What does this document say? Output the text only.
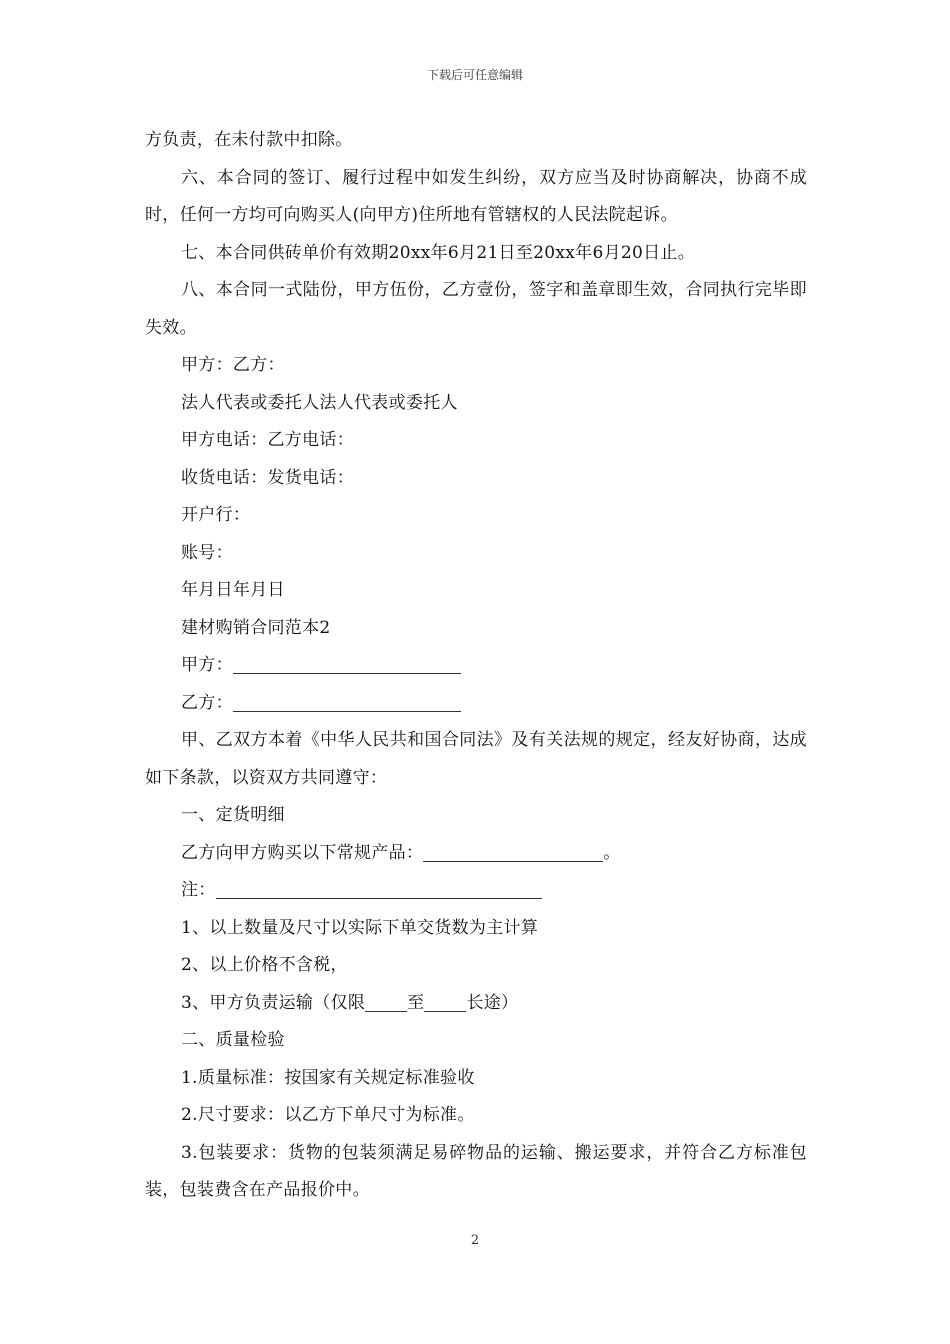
下载后可任意编辑

方负责，在未付款中扣除。

六、本合同的签订、履行过程中如发生纠纷，双方应当及时协商解决，协商不成时，任何一方均可向购买人(向甲方)住所地有管辖权的人民法院起诉。

七、本合同供砖单价有效期20xx年6月21日至20xx年6月20日止。

八、本合同一式陆份，甲方伍份，乙方壹份，签字和盖章即生效，合同执行完毕即失效。

甲方：乙方：

法人代表或委托人法人代表或委托人

甲方电话：乙方电话：

收货电话：发货电话：

开户行：

账号：

年月日年月日

建材购销合同范本2

甲方：

乙方：

甲、乙双方本着《中华人民共和国合同法》及有关法规的规定，经友好协商，达成如下条款，以资双方共同遵守：

一、定货明细

乙方向甲方购买以下常规产品：	。

注：

1、以上数量及尺寸以实际下单交货数为主计算

2、以上价格不含税，

3、甲方负责运输（仅限 至 长途）

二、质量检验

1.质量标准：按国家有关规定标准验收

2.尺寸要求：以乙方下单尺寸为标准。

3.包装要求：货物的包装须满足易碎物品的运输、搬运要求，并符合乙方标准包装，包装费含在产品报价中。

2
